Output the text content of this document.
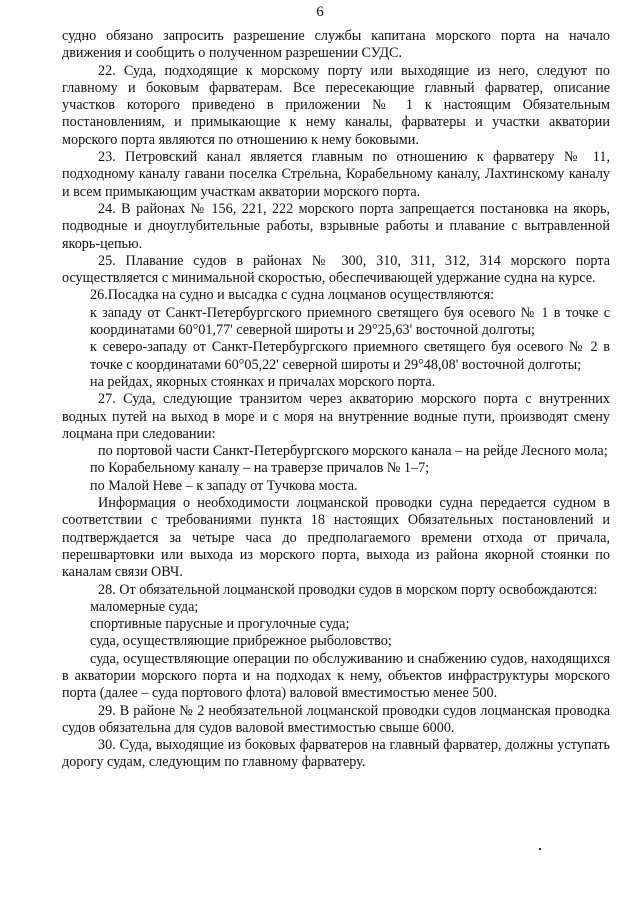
6

судно обязано запросить разрешение службы капитана морского порта на начало движения и сообщить о полученном разрешении СУДС.

22. Суда, подходящие к морскому порту или выходящие из него, следуют по главному и боковым фарватерам. Все пересекающие главный фарватер, описание участков которого приведено в приложении № 1 к настоящим Обязательным постановлениям, и примыкающие к нему каналы, фарватеры и участки акватории морского порта являются по отношению к нему боковыми.

23. Петровский канал является главным по отношению к фарватеру № 11, подходному каналу гавани поселка Стрельна, Корабельному каналу, Лахтинскому каналу и всем примыкающим участкам акватории морского порта.

24. В районах № 156, 221, 222 морского порта запрещается постановка на якорь, подводные и дноуглубительные работы, взрывные работы и плавание с вытравленной якорь-цепью.

25. Плавание судов в районах № 300, 310, 311, 312, 314 морского порта осуществляется с минимальной скоростью, обеспечивающей удержание судна на курсе.

26.Посадка на судно и высадка с судна лоцманов осуществляются:

к западу от Санкт-Петербургского приемного светящего буя осевого № 1 в точке с координатами 60°01,77' северной широты и 29°25,63' восточной долготы;

к северо-западу от Санкт-Петербургского приемного светящего буя осевого № 2 в точке с координатами 60°05,22' северной широты и 29°48,08' восточной долготы;

на рейдах, якорных стоянках и причалах морского порта.

27. Суда, следующие транзитом через акваторию морского порта с внутренних водных путей на выход в море и с моря на внутренние водные пути, производят смену лоцмана при следовании:

по портовой части Санкт-Петербургского морского канала – на рейде Лесного мола;

по Корабельному каналу – на траверзе причалов № 1–7;

по Малой Неве – к западу от Тучкова моста.

Информация о необходимости лоцманской проводки судна передается судном в соответствии с требованиями пункта 18 настоящих Обязательных постановлений и подтверждается за четыре часа до предполагаемого времени отхода от причала, перешвартовки или выхода из морского порта, выхода из района якорной стоянки по каналам связи ОВЧ.

28. От обязательной лоцманской проводки судов в морском порту освобождаются:

маломерные суда;

спортивные парусные и прогулочные суда;

суда, осуществляющие прибрежное рыболовство;

суда, осуществляющие операции по обслуживанию и снабжению судов, находящихся в акватории морского порта и на подходах к нему, объектов инфраструктуры морского порта (далее – суда портового флота) валовой вместимостью менее 500.

29. В районе № 2 необязательной лоцманской проводки судов лоцманская проводка судов обязательна для судов валовой вместимостью свыше 6000.

30. Суда, выходящие из боковых фарватеров на главный фарватер, должны уступать дорогу судам, следующим по главному фарватеру.
